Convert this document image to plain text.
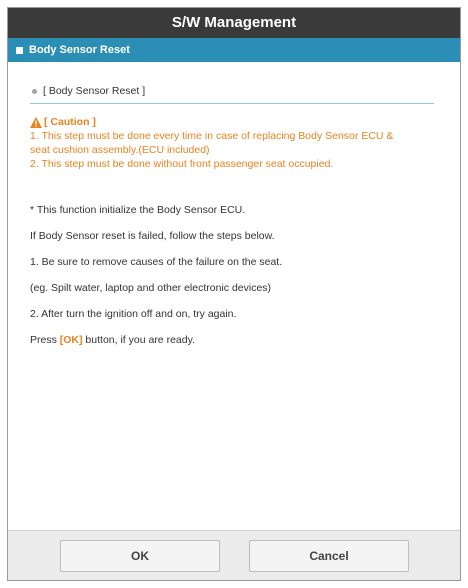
S/W Management
Body Sensor Reset
[ Body Sensor Reset ]
[ Caution ]

1. This step must be done every time in case of replacing Body Sensor ECU &

seat cushion assembly.(ECU included)

2. This step must be done without front passenger seat occupied.

* This function initialize the Body Sensor ECU.

If Body Sensor reset is failed, follow the steps below.

1. Be sure to remove causes of the failure on the seat.

(eg. Spilt water, laptop and other electronic devices)

2. After turn the ignition off and on, try again.

Press [OK] button, if you are ready.

OK	Cancel
